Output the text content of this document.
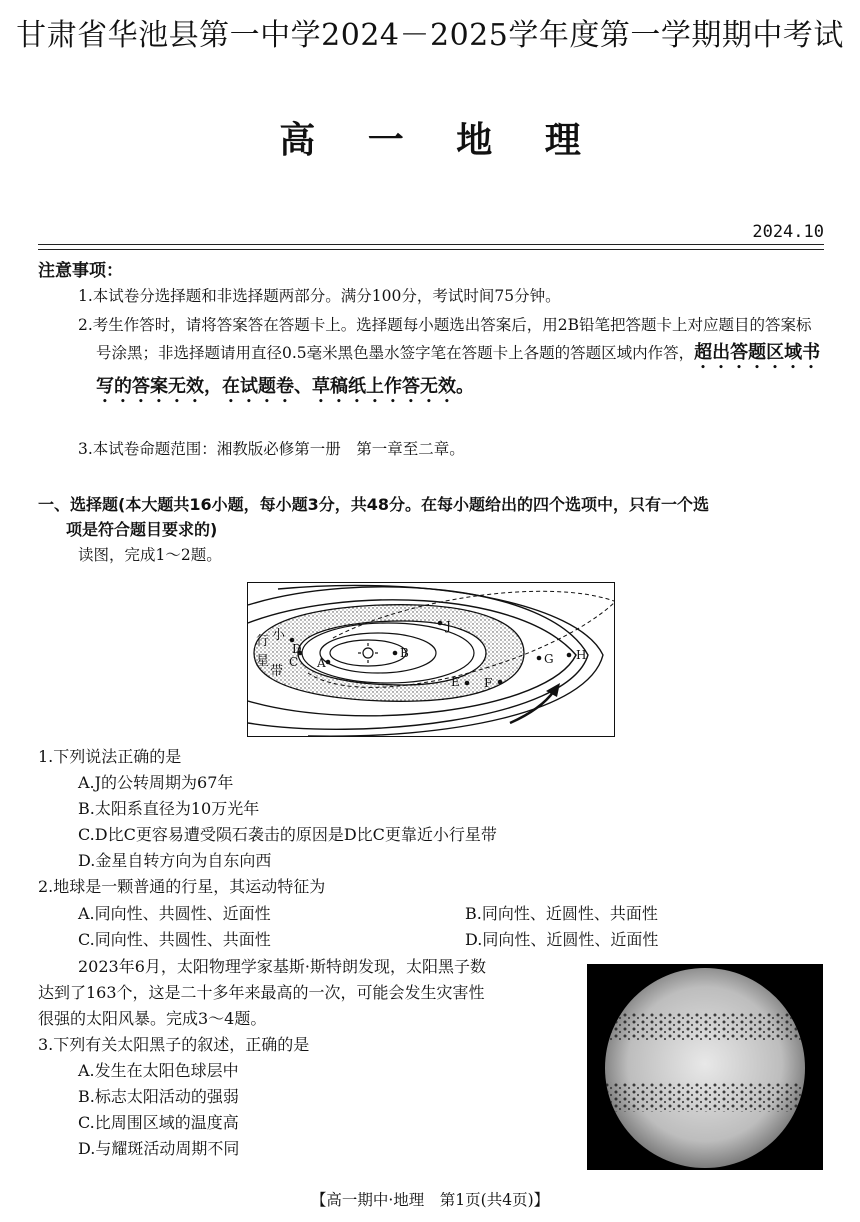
甘肃省华池县第一中学2024－2025学年度第一学期期中考试
高 一 地 理
2024.10
注意事项：
1.本试卷分选择题和非选择题两部分。满分100分，考试时间75分钟。
2.考生作答时，请将答案答在答题卡上。选择题每小题选出答案后，用2B铅笔把答题卡上对应题目的答案标号涂黑；非选择题请用直径0.5毫米黑色墨水签字笔在答题卡上各题的答题区域内作答，超出答题区域书写的答案无效，在试题卷、草稿纸上作答无效。
3.本试卷命题范围：湘教版必修第一册　第一章至二章。
一、选择题(本大题共16小题，每小题3分，共48分。在每小题给出的四个选项中，只有一个选
项是符合题目要求的)
读图，完成1～2题。
B
A
C
D
E F
G H
J
行 小
星
带
1.下列说法正确的是
A.J的公转周期为67年
B.太阳系直径为10万光年
C.D比C更容易遭受陨石袭击的原因是D比C更靠近小行星带
D.金星自转方向为自东向西
2.地球是一颗普通的行星，其运动特征为
A.同向性、共圆性、近面性	B.同向性、近圆性、共面性
C.同向性、共圆性、共面性	D.同向性、近圆性、近面性
2023年6月，太阳物理学家基斯·斯特朗发现，太阳黑子数
达到了163个，这是二十多年来最高的一次，可能会发生灾害性
很强的太阳风暴。完成3～4题。
3.下列有关太阳黑子的叙述，正确的是
A.发生在太阳色球层中
B.标志太阳活动的强弱
C.比周围区域的温度高
D.与耀斑活动周期不同
【高一期中·地理　第1页(共4页)】
